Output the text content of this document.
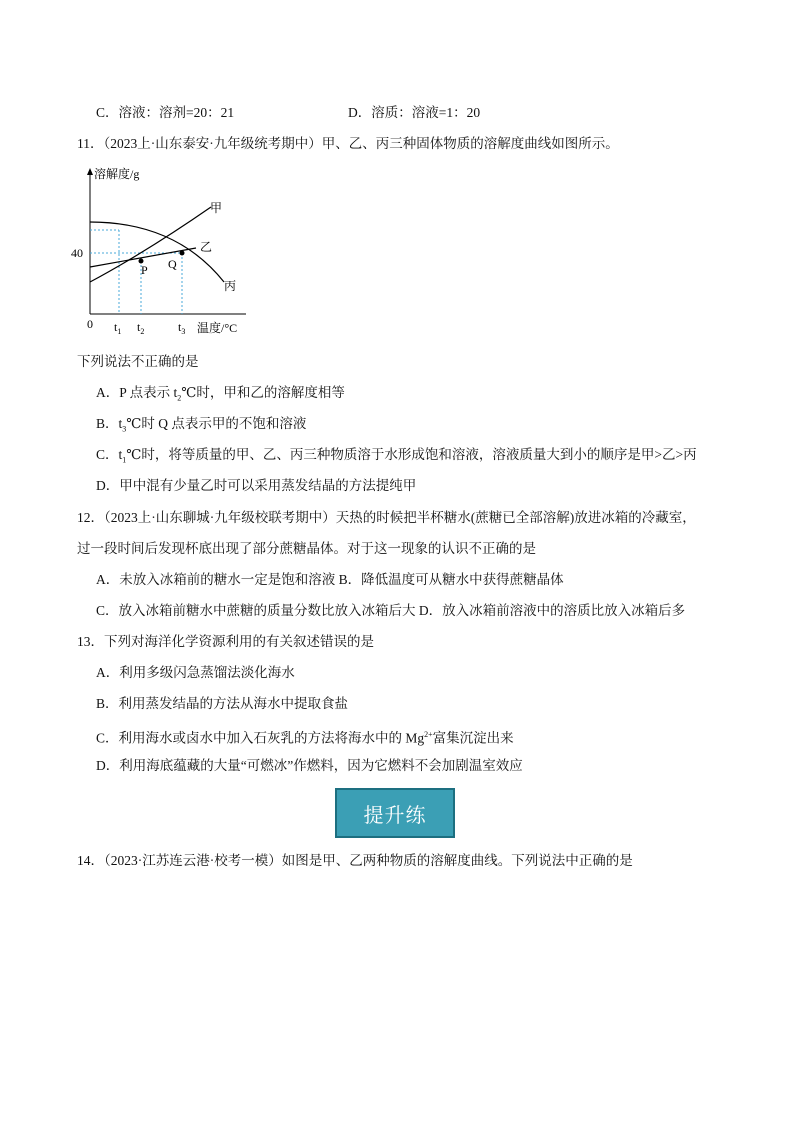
C．溶液：溶剂=20：21	D．溶质：溶液=1：20
11．（2023上·山东泰安·九年级统考期中）甲、乙、丙三种固体物质的溶解度曲线如图所示。
溶解度/g
40
0 $t_1$ $t_2$	$t_3$ 温度/°C
甲
乙
丙
P Q
下列说法不正确的是
A．P 点表示 $t_2℃$时，甲和乙的溶解度相等
B．$t_3℃$时 Q 点表示甲的不饱和溶液
C．$t_1℃$时，将等质量的甲、乙、丙三种物质溶于水形成饱和溶液，溶液质量大到小的顺序是甲>乙>丙
D．甲中混有少量乙时可以采用蒸发结晶的方法提纯甲
12．（2023上·山东聊城·九年级校联考期中）天热的时候把半杯糖水(蔗糖已全部溶解)放进冰箱的冷藏室，
过一段时间后发现杯底出现了部分蔗糖晶体。对于这一现象的认识不正确的是
A．未放入冰箱前的糖水一定是饱和溶液 B．降低温度可从糖水中获得蔗糖晶体
C．放入冰箱前糖水中蔗糖的质量分数比放入冰箱后大 D．放入冰箱前溶液中的溶质比放入冰箱后多
13．下列对海洋化学资源利用的有关叙述错误的是
A．利用多级闪急蒸馏法淡化海水
B．利用蒸发结晶的方法从海水中提取食盐
C．利用海水或卤水中加入石灰乳的方法将海水中的 $Mg^{2+}$富集沉淀出来
D．利用海底蕴藏的大量“可燃冰”作燃料，因为它燃料不会加剧温室效应
提升练
14．（2023·江苏连云港·校考一模）如图是甲、乙两种物质的溶解度曲线。下列说法中正确的是
